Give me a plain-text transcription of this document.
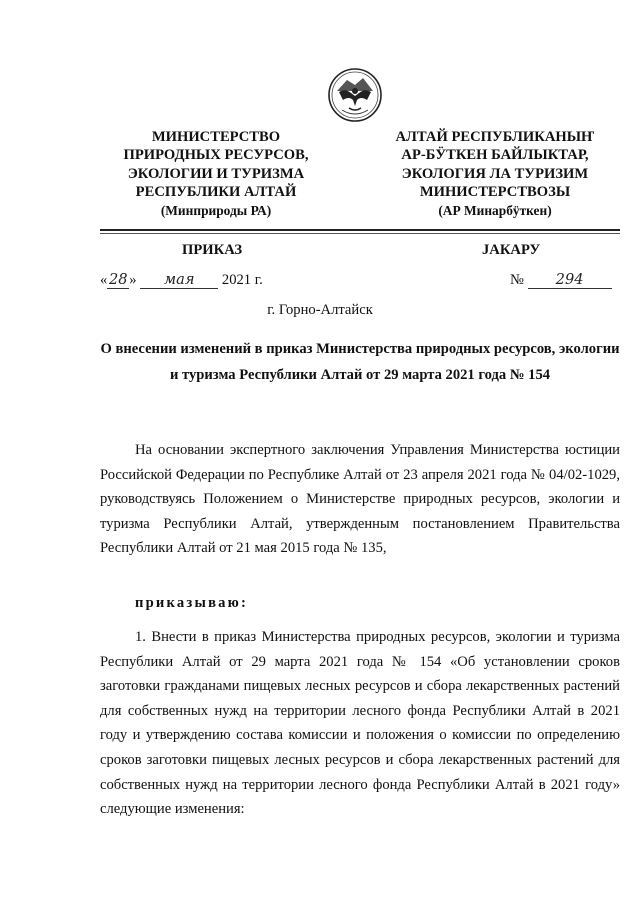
МИНИСТЕРСТВО
ПРИРОДНЫХ РЕСУРСОВ,
ЭКОЛОГИИ И ТУРИЗМА
РЕСПУБЛИКИ АЛТАЙ
(Минприроды РА)
АЛТАЙ РЕСПУБЛИКАНЫҤ
АР-БӰТКЕН БАЙЛЫКТАР,
ЭКОЛОГИЯ ЛА ТУРИЗИМ
МИНИСТЕРСТВОЗЫ
(АР Минарбӱткен)
ПРИКАЗ	JАКАРУ
« 28 » мая 2021 г.	№ 294
г. Горно-Алтайск
О внесении изменений в приказ Министерства природных ресурсов, экологии и туризма Республики Алтай от 29 марта 2021 года № 154
На основании экспертного заключения Управления Министерства юстиции Российской Федерации по Республике Алтай от 23 апреля 2021 года № 04/02-1029, руководствуясь Положением о Министерстве природных ресурсов, экологии и туризма Республики Алтай, утвержденным постановлением Правительства Республики Алтай от 21 мая 2015 года № 135,
приказываю:
1. Внести в приказ Министерства природных ресурсов, экологии и туризма Республики Алтай от 29 марта 2021 года № 154 «Об установлении сроков заготовки гражданами пищевых лесных ресурсов и сбора лекарственных растений для собственных нужд на территории лесного фонда Республики Алтай в 2021 году и утверждению состава комиссии и положения о комиссии по определению сроков заготовки пищевых лесных ресурсов и сбора лекарственных растений для собственных нужд на территории лесного фонда Республики Алтай в 2021 году» следующие изменения:
